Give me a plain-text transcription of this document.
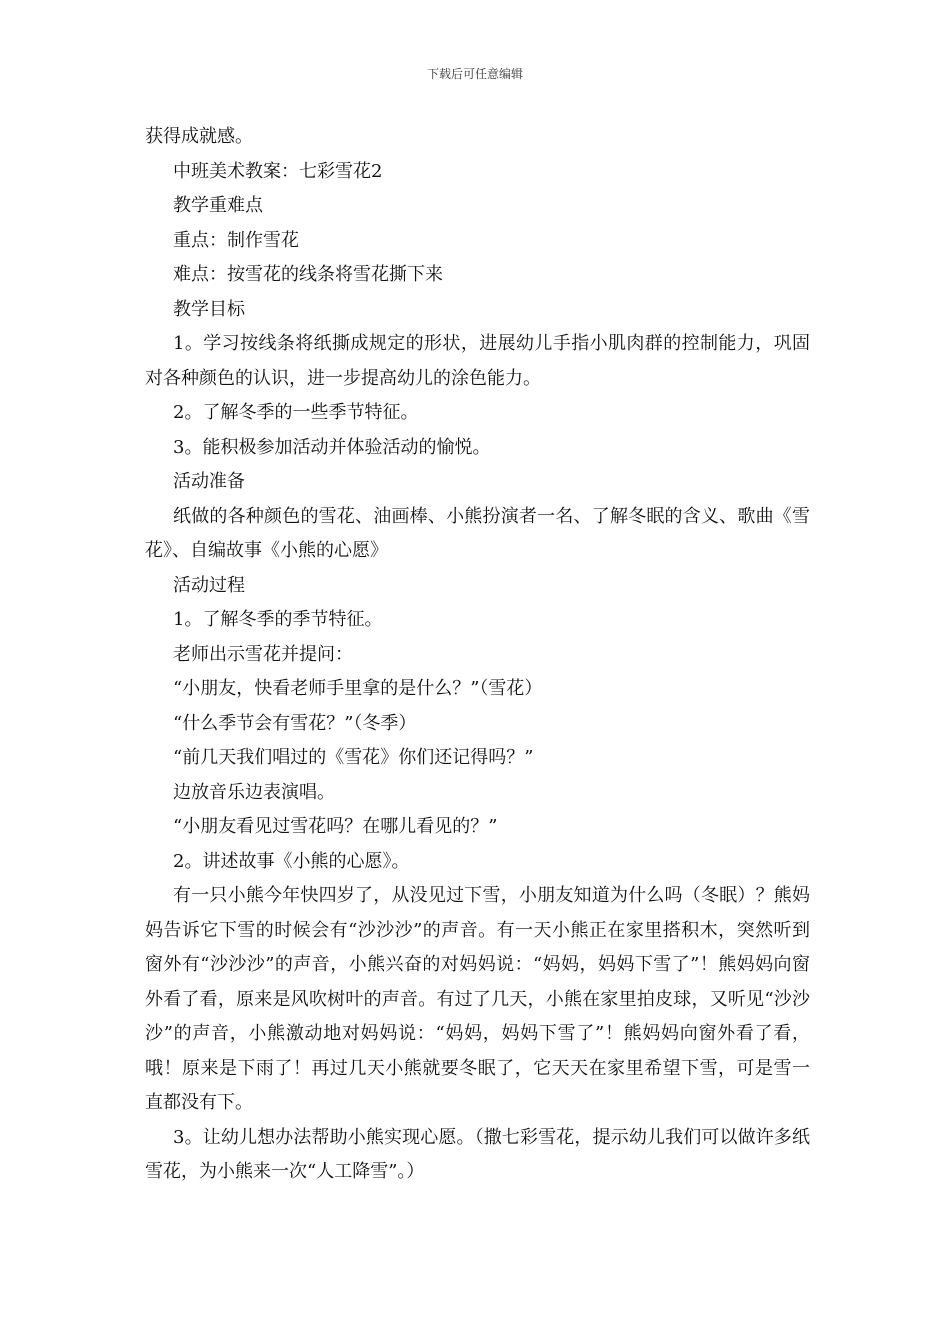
下载后可任意编辑

获得成就感。

中班美术教案：七彩雪花2

教学重难点

重点：制作雪花

难点：按雪花的线条将雪花撕下来

教学目标

1。学习按线条将纸撕成规定的形状，进展幼儿手指小肌肉群的控制能力，巩固对各种颜色的认识，进一步提高幼儿的涂色能力。

2。了解冬季的一些季节特征。

3。能积极参加活动并体验活动的愉悦。

活动准备

纸做的各种颜色的雪花、油画棒、小熊扮演者一名、了解冬眠的含义、歌曲《雪花》、自编故事《小熊的心愿》

活动过程

1。了解冬季的季节特征。

老师出示雪花并提问：

“小朋友，快看老师手里拿的是什么？”（雪花）

“什么季节会有雪花？”（冬季）

“前几天我们唱过的《雪花》你们还记得吗？”

边放音乐边表演唱。

“小朋友看见过雪花吗？在哪儿看见的？”

2。讲述故事《小熊的心愿》。

有一只小熊今年快四岁了，从没见过下雪，小朋友知道为什么吗（冬眠）？熊妈妈告诉它下雪的时候会有“沙沙沙”的声音。有一天小熊正在家里搭积木，突然听到窗外有“沙沙沙”的声音，小熊兴奋的对妈妈说：“妈妈，妈妈下雪了”！熊妈妈向窗外看了看，原来是风吹树叶的声音。有过了几天，小熊在家里拍皮球，又听见“沙沙沙”的声音，小熊激动地对妈妈说：“妈妈，妈妈下雪了”！熊妈妈向窗外看了看，哦！原来是下雨了！再过几天小熊就要冬眠了，它天天在家里希望下雪，可是雪一直都没有下。

3。让幼儿想办法帮助小熊实现心愿。（撒七彩雪花，提示幼儿我们可以做许多纸雪花，为小熊来一次“人工降雪”。）
